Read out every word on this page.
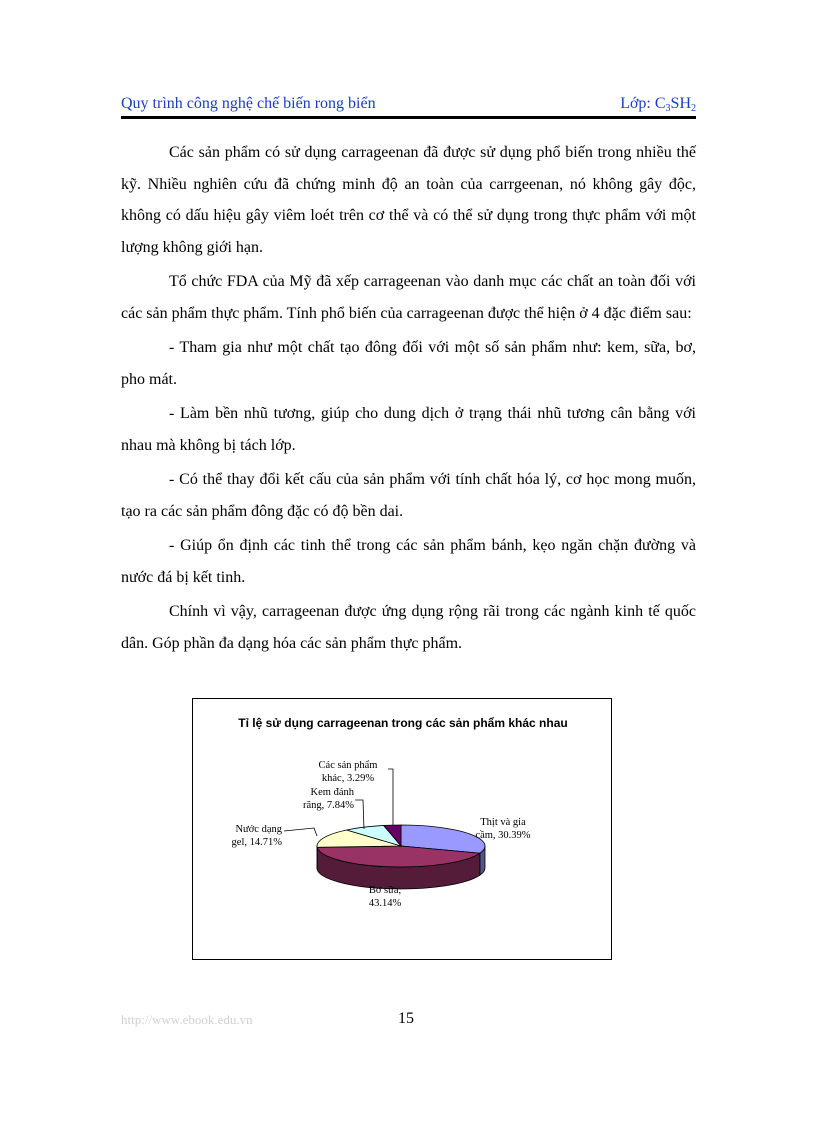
Quy trình công nghệ chế biến rong biển	Lớp: $C_3SH_2$

Các sản phẩm có sử dụng carrageenan đã được sử dụng phổ biến trong nhiều thế kỹ. Nhiều nghiên cứu đã chứng minh độ an toàn của carrgeenan, nó không gây độc, không có dấu hiệu gây viêm loét trên cơ thể và có thể sử dụng trong thực phẩm với một lượng không giới hạn.

Tổ chức FDA của Mỹ đã xếp carrageenan vào danh mục các chất an toàn đối với các sản phẩm thực phẩm. Tính phổ biến của carrageenan được thể hiện ở 4 đặc điểm sau:

- Tham gia như một chất tạo đông đối với một số sản phẩm như: kem, sữa, bơ, pho mát.

- Làm bền nhũ tương, giúp cho dung dịch ở trạng thái nhũ tương cân bằng với nhau mà không bị tách lớp.

- Có thể thay đổi kết cấu của sản phẩm với tính chất hóa lý, cơ học mong muốn, tạo ra các sản phẩm đông đặc có độ bền dai.

- Giúp ổn định các tinh thể trong các sản phẩm bánh, kẹo ngăn chặn đường và nước đá bị kết tinh.

Chính vì vậy, carrageenan được ứng dụng rộng rãi trong các ngành kinh tế quốc dân. Góp phần đa dạng hóa các sản phẩm thực phẩm.

Tỉ lệ sử dụng carrageenan trong các sản phẩm khác nhau
Thịt và gia cầm, 30.39%
Bơ sữa, 43.14%
Nước dạng gel, 14.71%
Kem đánh răng, 7.84%
Các sản phẩm khác, 3.29%
http://www.ebook.edu.vn	15
